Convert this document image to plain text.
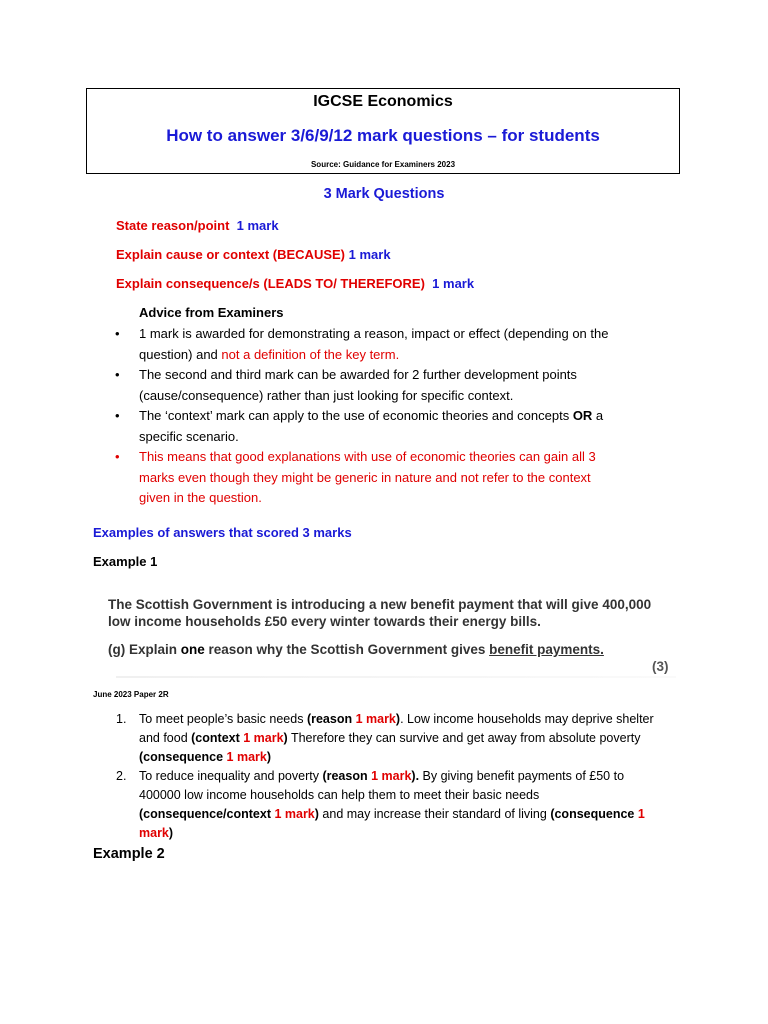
IGCSE Economics
How to answer 3/6/9/12 mark questions – for students
Source: Guidance for Examiners 2023
3 Mark Questions
State reason/point 1 mark
Explain cause or context (BECAUSE) 1 mark
Explain consequence/s (LEADS TO/ THEREFORE) 1 mark
Advice from Examiners
• 1 mark is awarded for demonstrating a reason, impact or effect (depending on the
question) and not a definition of the key term.
• The second and third mark can be awarded for 2 further development points
(cause/consequence) rather than just looking for specific context.
• The ‘context’ mark can apply to the use of economic theories and concepts OR a
specific scenario.
• This means that good explanations with use of economic theories can gain all 3
marks even though they might be generic in nature and not refer to the context
given in the question.
Examples of answers that scored 3 marks
Example 1
The Scottish Government is introducing a new benefit payment that will give 400,000
low income households £50 every winter towards their energy bills.
(g) Explain one reason why the Scottish Government gives benefit payments.
(3)
June 2023 Paper 2R
1. To meet people’s basic needs (reason 1 mark). Low income households may deprive shelter
and food (context 1 mark) Therefore they can survive and get away from absolute poverty
(consequence 1 mark)
2. To reduce inequality and poverty (reason 1 mark). By giving benefit payments of £50 to
400000 low income households can help them to meet their basic needs
(consequence/context 1 mark) and may increase their standard of living (consequence 1
mark)
Example 2
